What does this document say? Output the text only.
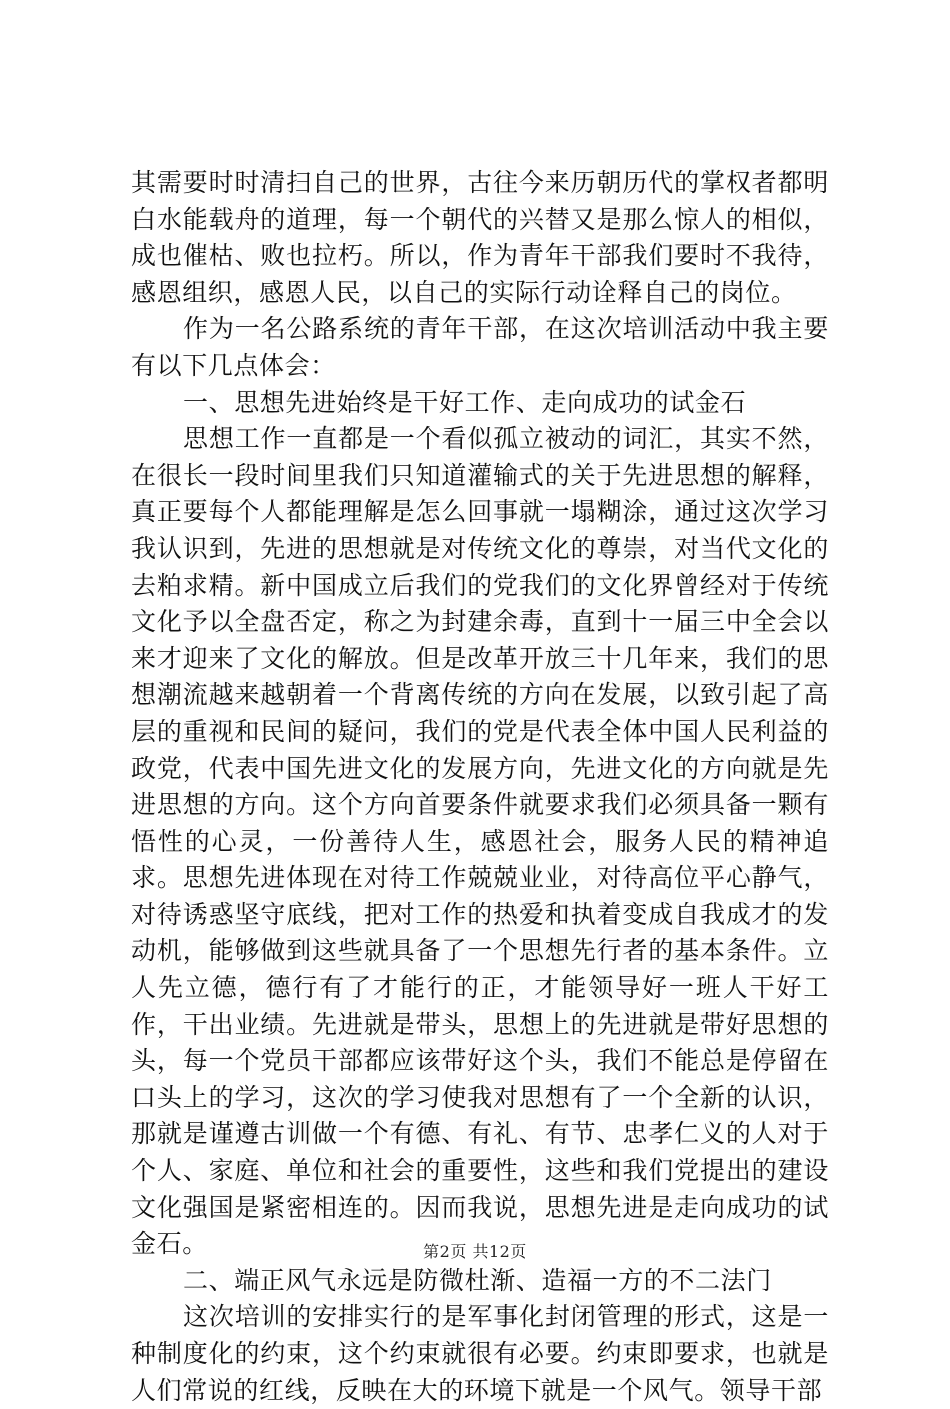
其需要时时清扫自己的世界，古往今来历朝历代的掌权者都明白水能载舟的道理，每一个朝代的兴替又是那么惊人的相似，成也催枯、败也拉朽。所以，作为青年干部我们要时不我待，感恩组织，感恩人民，以自己的实际行动诠释自己的岗位。

作为一名公路系统的青年干部，在这次培训活动中我主要有以下几点体会：

一、思想先进始终是干好工作、走向成功的试金石

思想工作一直都是一个看似孤立被动的词汇，其实不然，在很长一段时间里我们只知道灌输式的关于先进思想的解释，真正要每个人都能理解是怎么回事就一塌糊涂，通过这次学习我认识到，先进的思想就是对传统文化的尊崇，对当代文化的去粕求精。新中国成立后我们的党我们的文化界曾经对于传统文化予以全盘否定，称之为封建余毒，直到十一届三中全会以来才迎来了文化的解放。但是改革开放三十几年来，我们的思想潮流越来越朝着一个背离传统的方向在发展，以致引起了高层的重视和民间的疑问，我们的党是代表全体中国人民利益的政党，代表中国先进文化的发展方向，先进文化的方向就是先进思想的方向。这个方向首要条件就要求我们必须具备一颗有悟性的心灵，一份善待人生，感恩社会，服务人民的精神追求。思想先进体现在对待工作兢兢业业，对待高位平心静气，对待诱惑坚守底线，把对工作的热爱和执着变成自我成才的发动机，能够做到这些就具备了一个思想先行者的基本条件。立人先立德，德行有了才能行的正，才能领导好一班人干好工作，干出业绩。先进就是带头，思想上的先进就是带好思想的头，每一个党员干部都应该带好这个头，我们不能总是停留在口头上的学习，这次的学习使我对思想有了一个全新的认识，那就是谨遵古训做一个有德、有礼、有节、忠孝仁义的人对于个人、家庭、单位和社会的重要性，这些和我们党提出的建设文化强国是紧密相连的。因而我说，思想先进是走向成功的试金石。

二、端正风气永远是防微杜渐、造福一方的不二法门

这次培训的安排实行的是军事化封闭管理的形式，这是一种制度化的约束，这个约束就很有必要。约束即要求，也就是人们常说的红线，反映在大的环境下就是一个风气。领导干部

第2页 共12页
